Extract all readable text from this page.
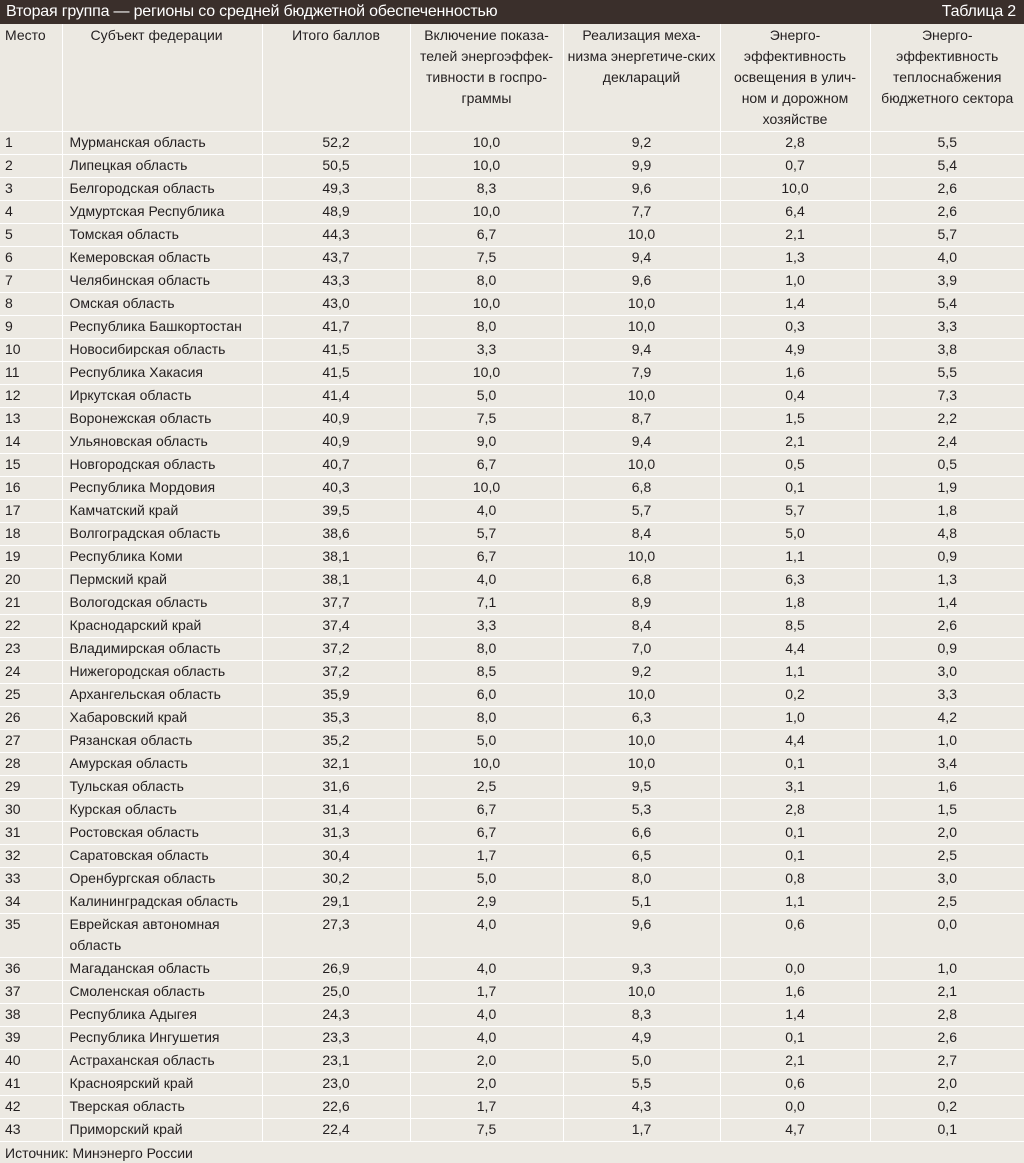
Вторая группа — регионы со средней бюджетной обеспеченностью	Таблица 2
Место	Субъект федерации	Итого баллов	Включение показа-телей энергоэффек-тивности в госпро-граммы	Реализация меха-низма энергетиче-ских деклараций	Энерго-эффективность освещения в улич-ном и дорожном хозяйстве	Энерго-эффективность теплоснабжения бюджетного сектора
1	Мурманская область	52,2	10,0	9,2	2,8	5,5
2	Липецкая область	50,5	10,0	9,9	0,7	5,4
3	Белгородская область	49,3	8,3	9,6	10,0	2,6
4	Удмуртская Республика	48,9	10,0	7,7	6,4	2,6
5	Томская область	44,3	6,7	10,0	2,1	5,7
6	Кемеровская область	43,7	7,5	9,4	1,3	4,0
7	Челябинская область	43,3	8,0	9,6	1,0	3,9
8	Омская область	43,0	10,0	10,0	1,4	5,4
9	Республика Башкортостан	41,7	8,0	10,0	0,3	3,3
10	Новосибирская область	41,5	3,3	9,4	4,9	3,8
11	Республика Хакасия	41,5	10,0	7,9	1,6	5,5
12	Иркутская область	41,4	5,0	10,0	0,4	7,3
13	Воронежская область	40,9	7,5	8,7	1,5	2,2
14	Ульяновская область	40,9	9,0	9,4	2,1	2,4
15	Новгородская область	40,7	6,7	10,0	0,5	0,5
16	Республика Мордовия	40,3	10,0	6,8	0,1	1,9
17	Камчатский край	39,5	4,0	5,7	5,7	1,8
18	Волгоградская область	38,6	5,7	8,4	5,0	4,8
19	Республика Коми	38,1	6,7	10,0	1,1	0,9
20	Пермский край	38,1	4,0	6,8	6,3	1,3
21	Вологодская область	37,7	7,1	8,9	1,8	1,4
22	Краснодарский край	37,4	3,3	8,4	8,5	2,6
23	Владимирская область	37,2	8,0	7,0	4,4	0,9
24	Нижегородская область	37,2	8,5	9,2	1,1	3,0
25	Архангельская область	35,9	6,0	10,0	0,2	3,3
26	Хабаровский край	35,3	8,0	6,3	1,0	4,2
27	Рязанская область	35,2	5,0	10,0	4,4	1,0
28	Амурская область	32,1	10,0	10,0	0,1	3,4
29	Тульская область	31,6	2,5	9,5	3,1	1,6
30	Курская область	31,4	6,7	5,3	2,8	1,5
31	Ростовская область	31,3	6,7	6,6	0,1	2,0
32	Саратовская область	30,4	1,7	6,5	0,1	2,5
33	Оренбургская область	30,2	5,0	8,0	0,8	3,0
34	Калининградская область	29,1	2,9	5,1	1,1	2,5
35	Еврейская автономная область	27,3	4,0	9,6	0,6	0,0
36	Магаданская область	26,9	4,0	9,3	0,0	1,0
37	Смоленская область	25,0	1,7	10,0	1,6	2,1
38	Республика Адыгея	24,3	4,0	8,3	1,4	2,8
39	Республика Ингушетия	23,3	4,0	4,9	0,1	2,6
40	Астраханская область	23,1	2,0	5,0	2,1	2,7
41	Красноярский край	23,0	2,0	5,5	0,6	2,0
42	Тверская область	22,6	1,7	4,3	0,0	0,2
43	Приморский край	22,4	7,5	1,7	4,7	0,1
Источник: Минэнерго России
